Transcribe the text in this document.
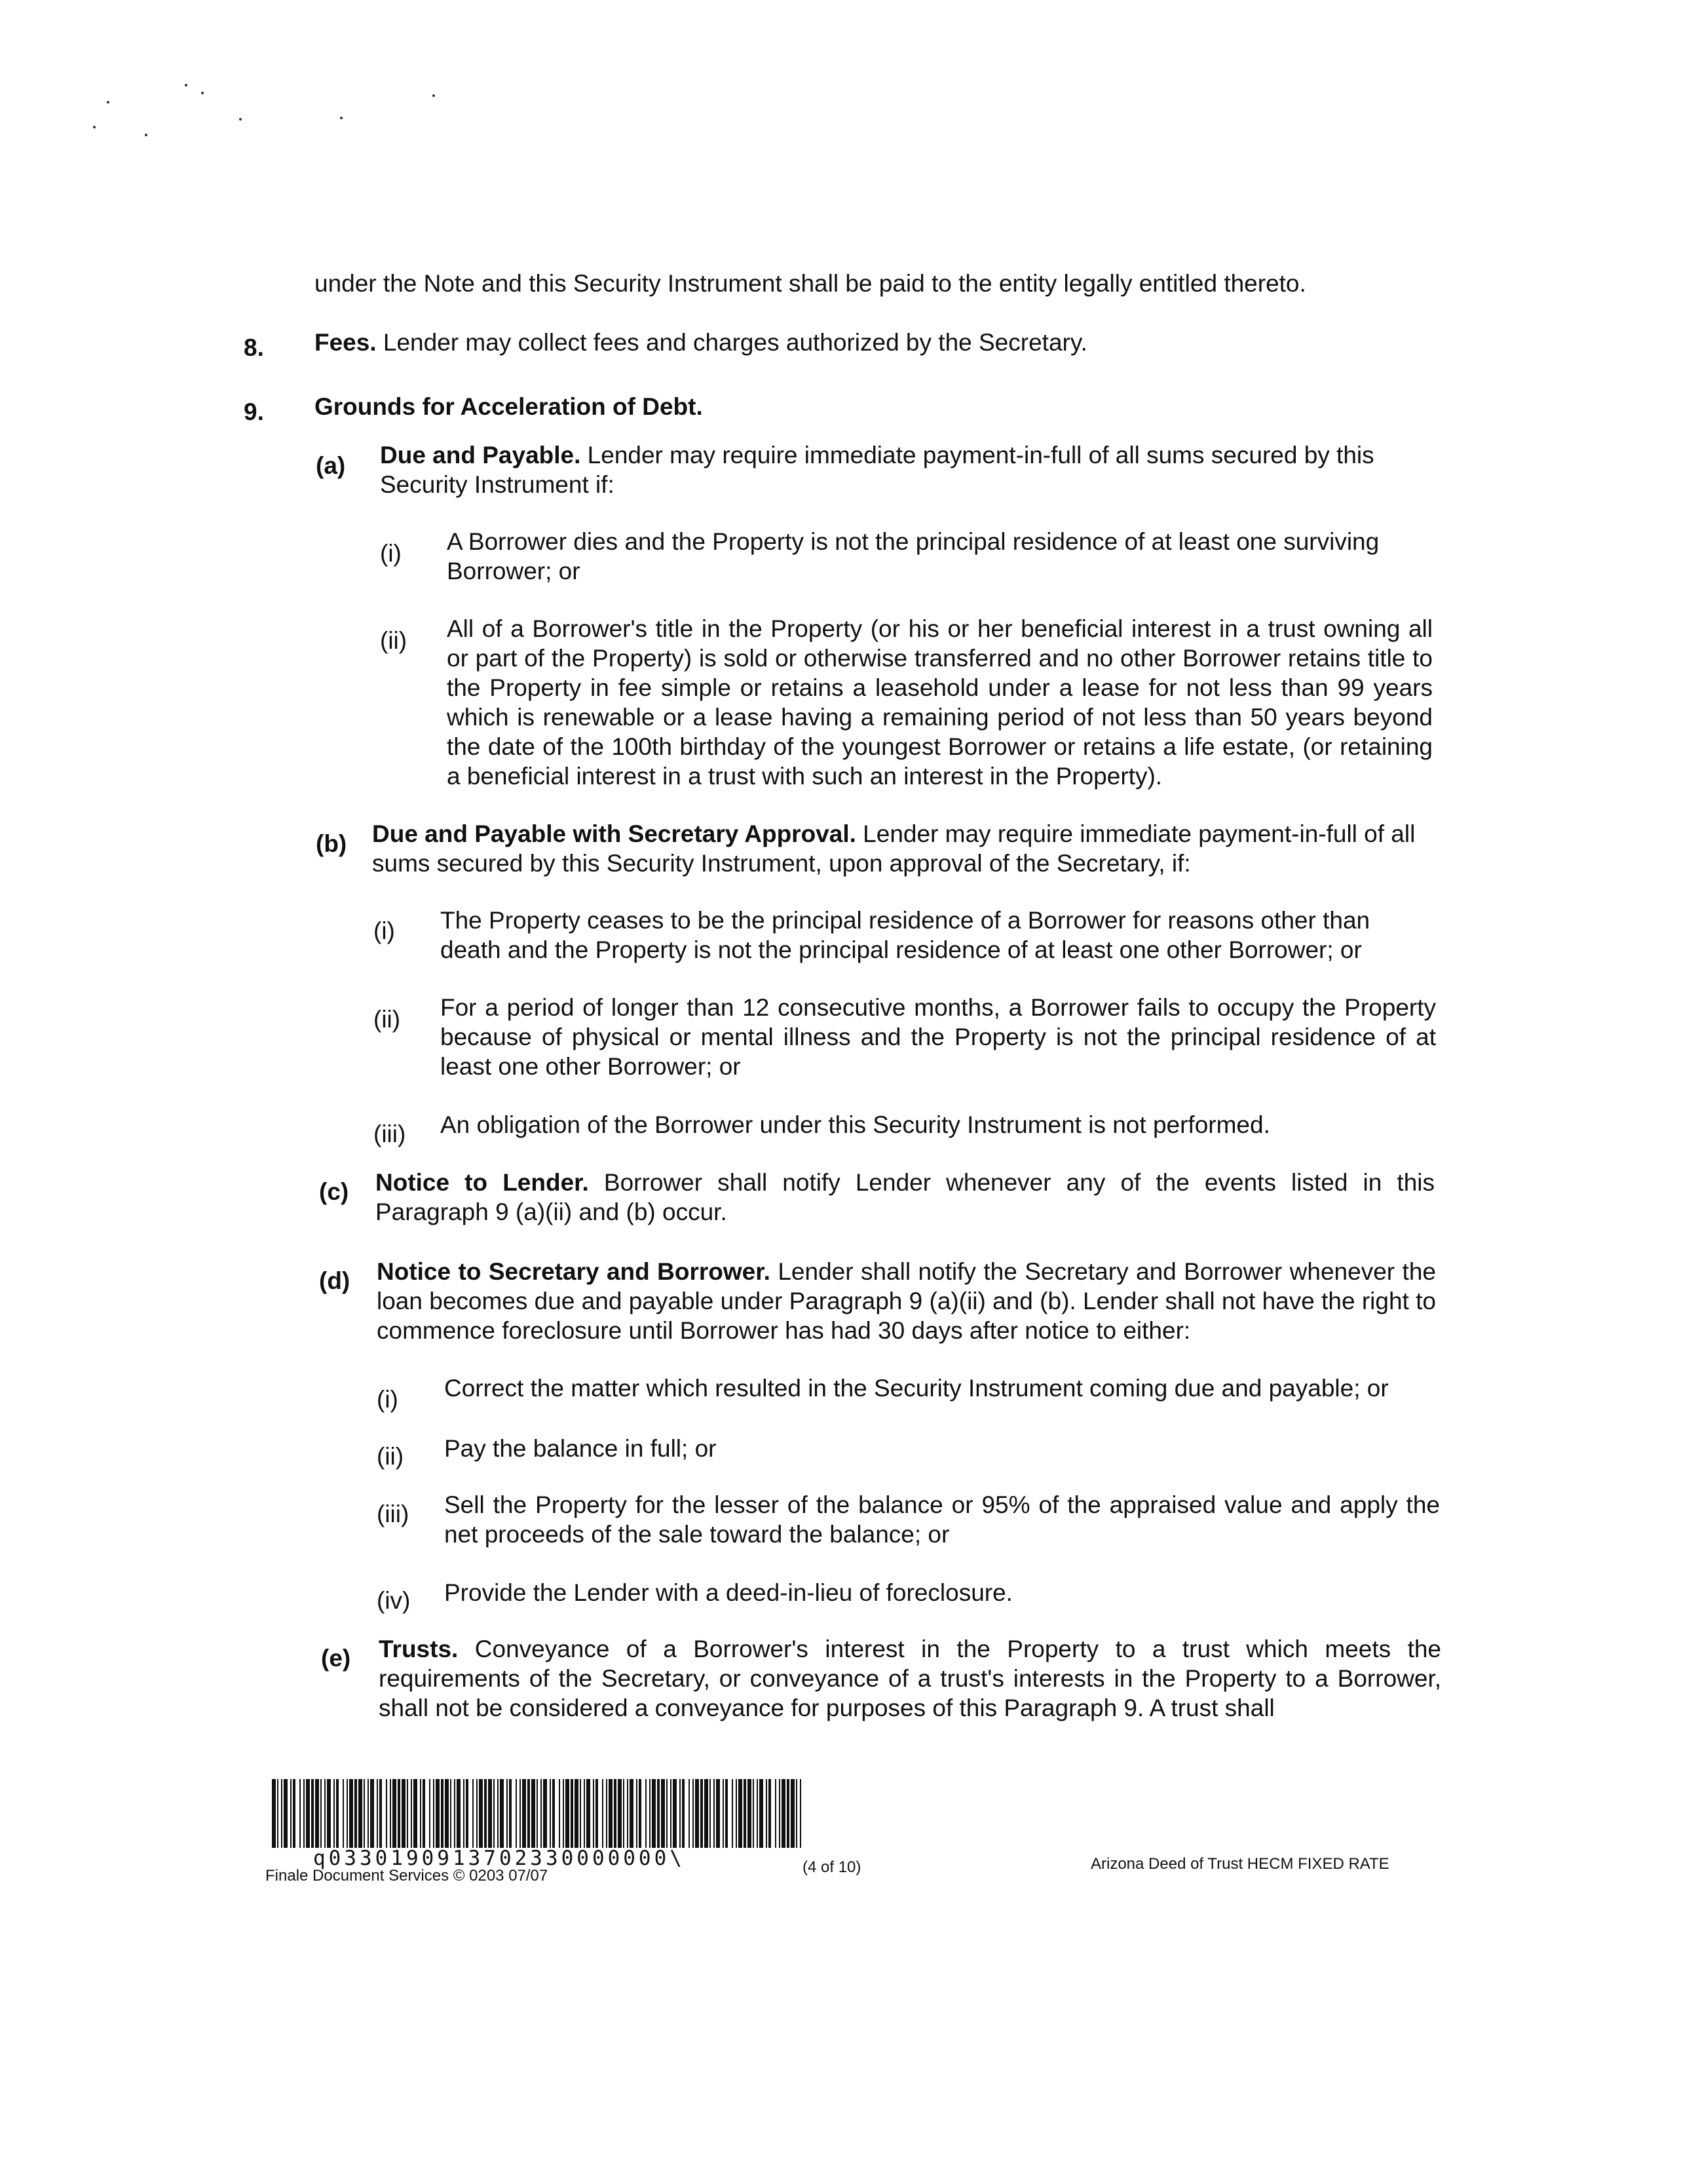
under the Note and this Security Instrument shall be paid to the entity legally entitled thereto.
8. Fees. Lender may collect fees and charges authorized by the Secretary.
9. Grounds for Acceleration of Debt.
(a) Due and Payable. Lender may require immediate payment-in-full of all sums secured by this Security Instrument if:
(i) A Borrower dies and the Property is not the principal residence of at least one surviving Borrower; or
(ii) All of a Borrower's title in the Property (or his or her beneficial interest in a trust owning all or part of the Property) is sold or otherwise transferred and no other Borrower retains title to the Property in fee simple or retains a leasehold under a lease for not less than 99 years which is renewable or a lease having a remaining period of not less than 50 years beyond the date of the 100th birthday of the youngest Borrower or retains a life estate, (or retaining a beneficial interest in a trust with such an interest in the Property).
(b) Due and Payable with Secretary Approval. Lender may require immediate payment-in-full of all sums secured by this Security Instrument, upon approval of the Secretary, if:
(i) The Property ceases to be the principal residence of a Borrower for reasons other than death and the Property is not the principal residence of at least one other Borrower; or
(ii) For a period of longer than 12 consecutive months, a Borrower fails to occupy the Property because of physical or mental illness and the Property is not the principal residence of at least one other Borrower; or
(iii) An obligation of the Borrower under this Security Instrument is not performed.
(c) Notice to Lender. Borrower shall notify Lender whenever any of the events listed in this Paragraph 9 (a)(ii) and (b) occur.
(d) Notice to Secretary and Borrower. Lender shall notify the Secretary and Borrower whenever the loan becomes due and payable under Paragraph 9 (a)(ii) and (b). Lender shall not have the right to commence foreclosure until Borrower has had 30 days after notice to either:
(i) Correct the matter which resulted in the Security Instrument coming due and payable; or
(ii) Pay the balance in full; or
(iii) Sell the Property for the lesser of the balance or 95% of the appraised value and apply the net proceeds of the sale toward the balance; or
(iv) Provide the Lender with a deed-in-lieu of foreclosure.
(e) Trusts. Conveyance of a Borrower's interest in the Property to a trust which meets the requirements of the Secretary, or conveyance of a trust's interests in the Property to a Borrower, shall not be considered a conveyance for purposes of this Paragraph 9. A trust shall
q0330190913702330000000\
Finale Document Services © 0203 07/07	(4 of 10)	Arizona Deed of Trust HECM FIXED RATE
